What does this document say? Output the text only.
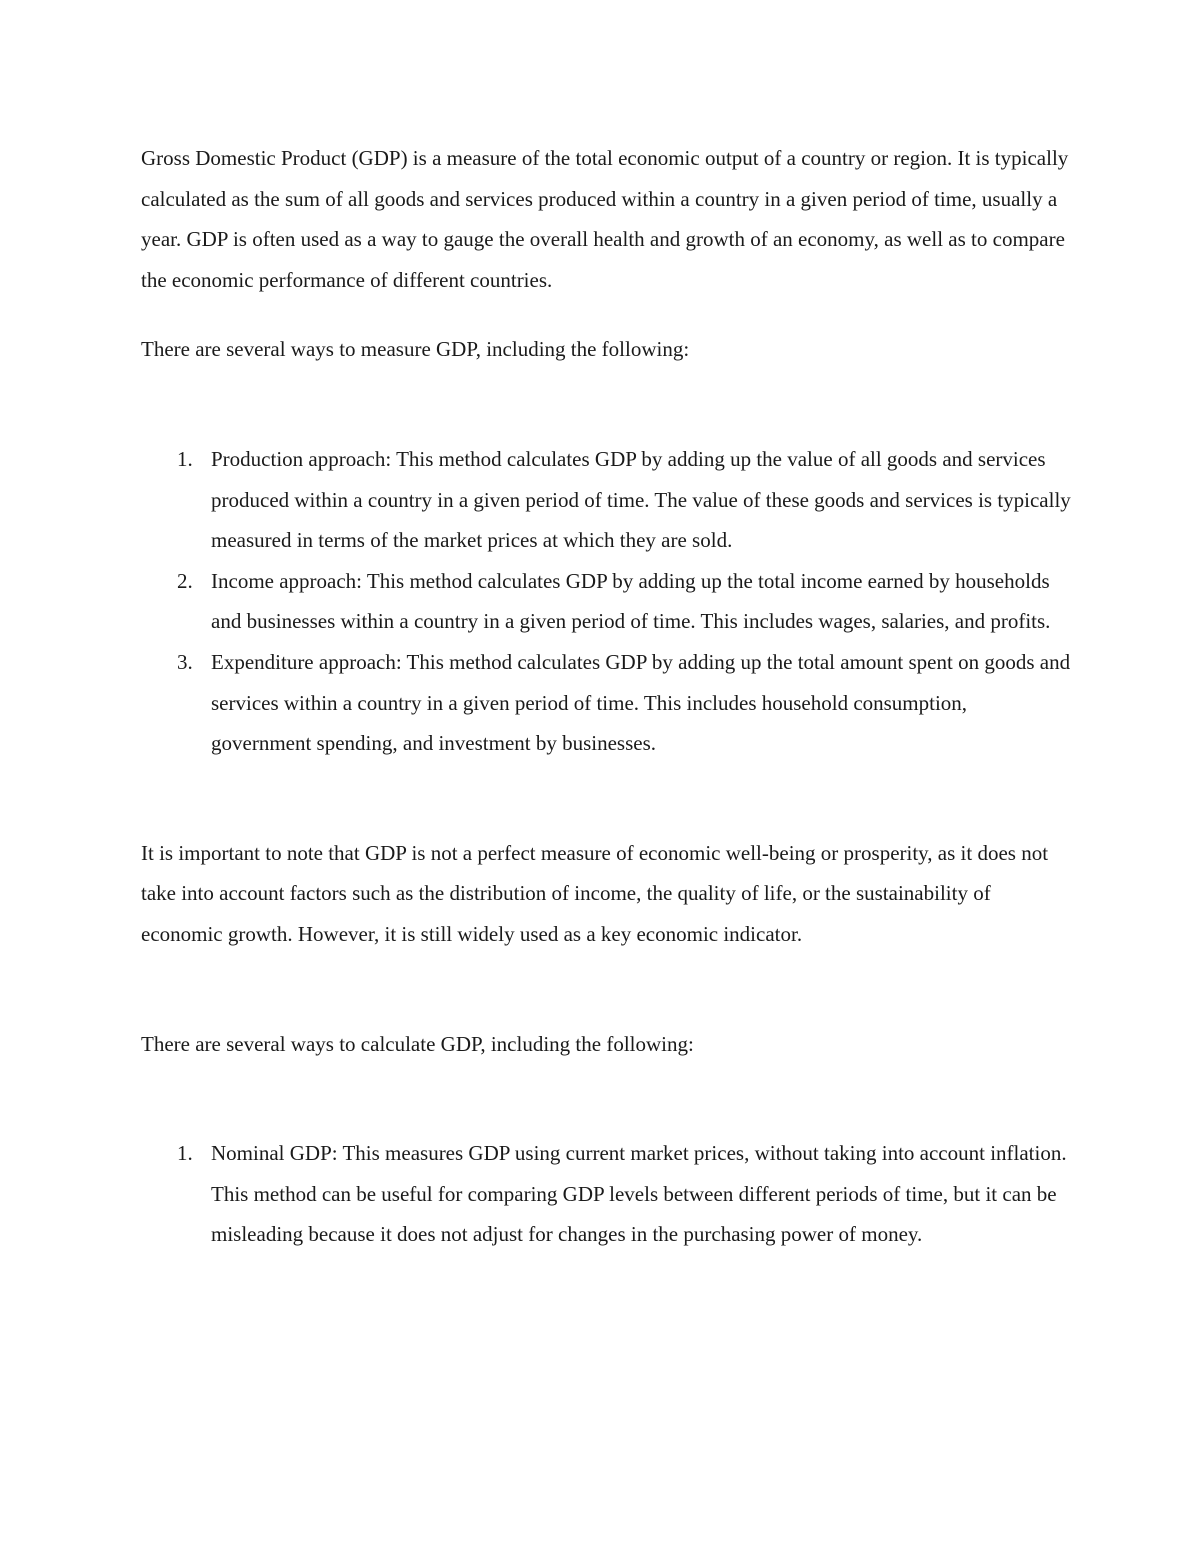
Gross Domestic Product (GDP) is a measure of the total economic output of a country or region. It is typically calculated as the sum of all goods and services produced within a country in a given period of time, usually a year. GDP is often used as a way to gauge the overall health and growth of an economy, as well as to compare the economic performance of different countries.

There are several ways to measure GDP, including the following:

1. Production approach: This method calculates GDP by adding up the value of all goods and services produced within a country in a given period of time. The value of these goods and services is typically measured in terms of the market prices at which they are sold.
2. Income approach: This method calculates GDP by adding up the total income earned by households and businesses within a country in a given period of time. This includes wages, salaries, and profits.
3. Expenditure approach: This method calculates GDP by adding up the total amount spent on goods and services within a country in a given period of time. This includes household consumption, government spending, and investment by businesses.

It is important to note that GDP is not a perfect measure of economic well-being or prosperity, as it does not take into account factors such as the distribution of income, the quality of life, or the sustainability of economic growth. However, it is still widely used as a key economic indicator.

There are several ways to calculate GDP, including the following:

1. Nominal GDP: This measures GDP using current market prices, without taking into account inflation. This method can be useful for comparing GDP levels between different periods of time, but it can be misleading because it does not adjust for changes in the purchasing power of money.
